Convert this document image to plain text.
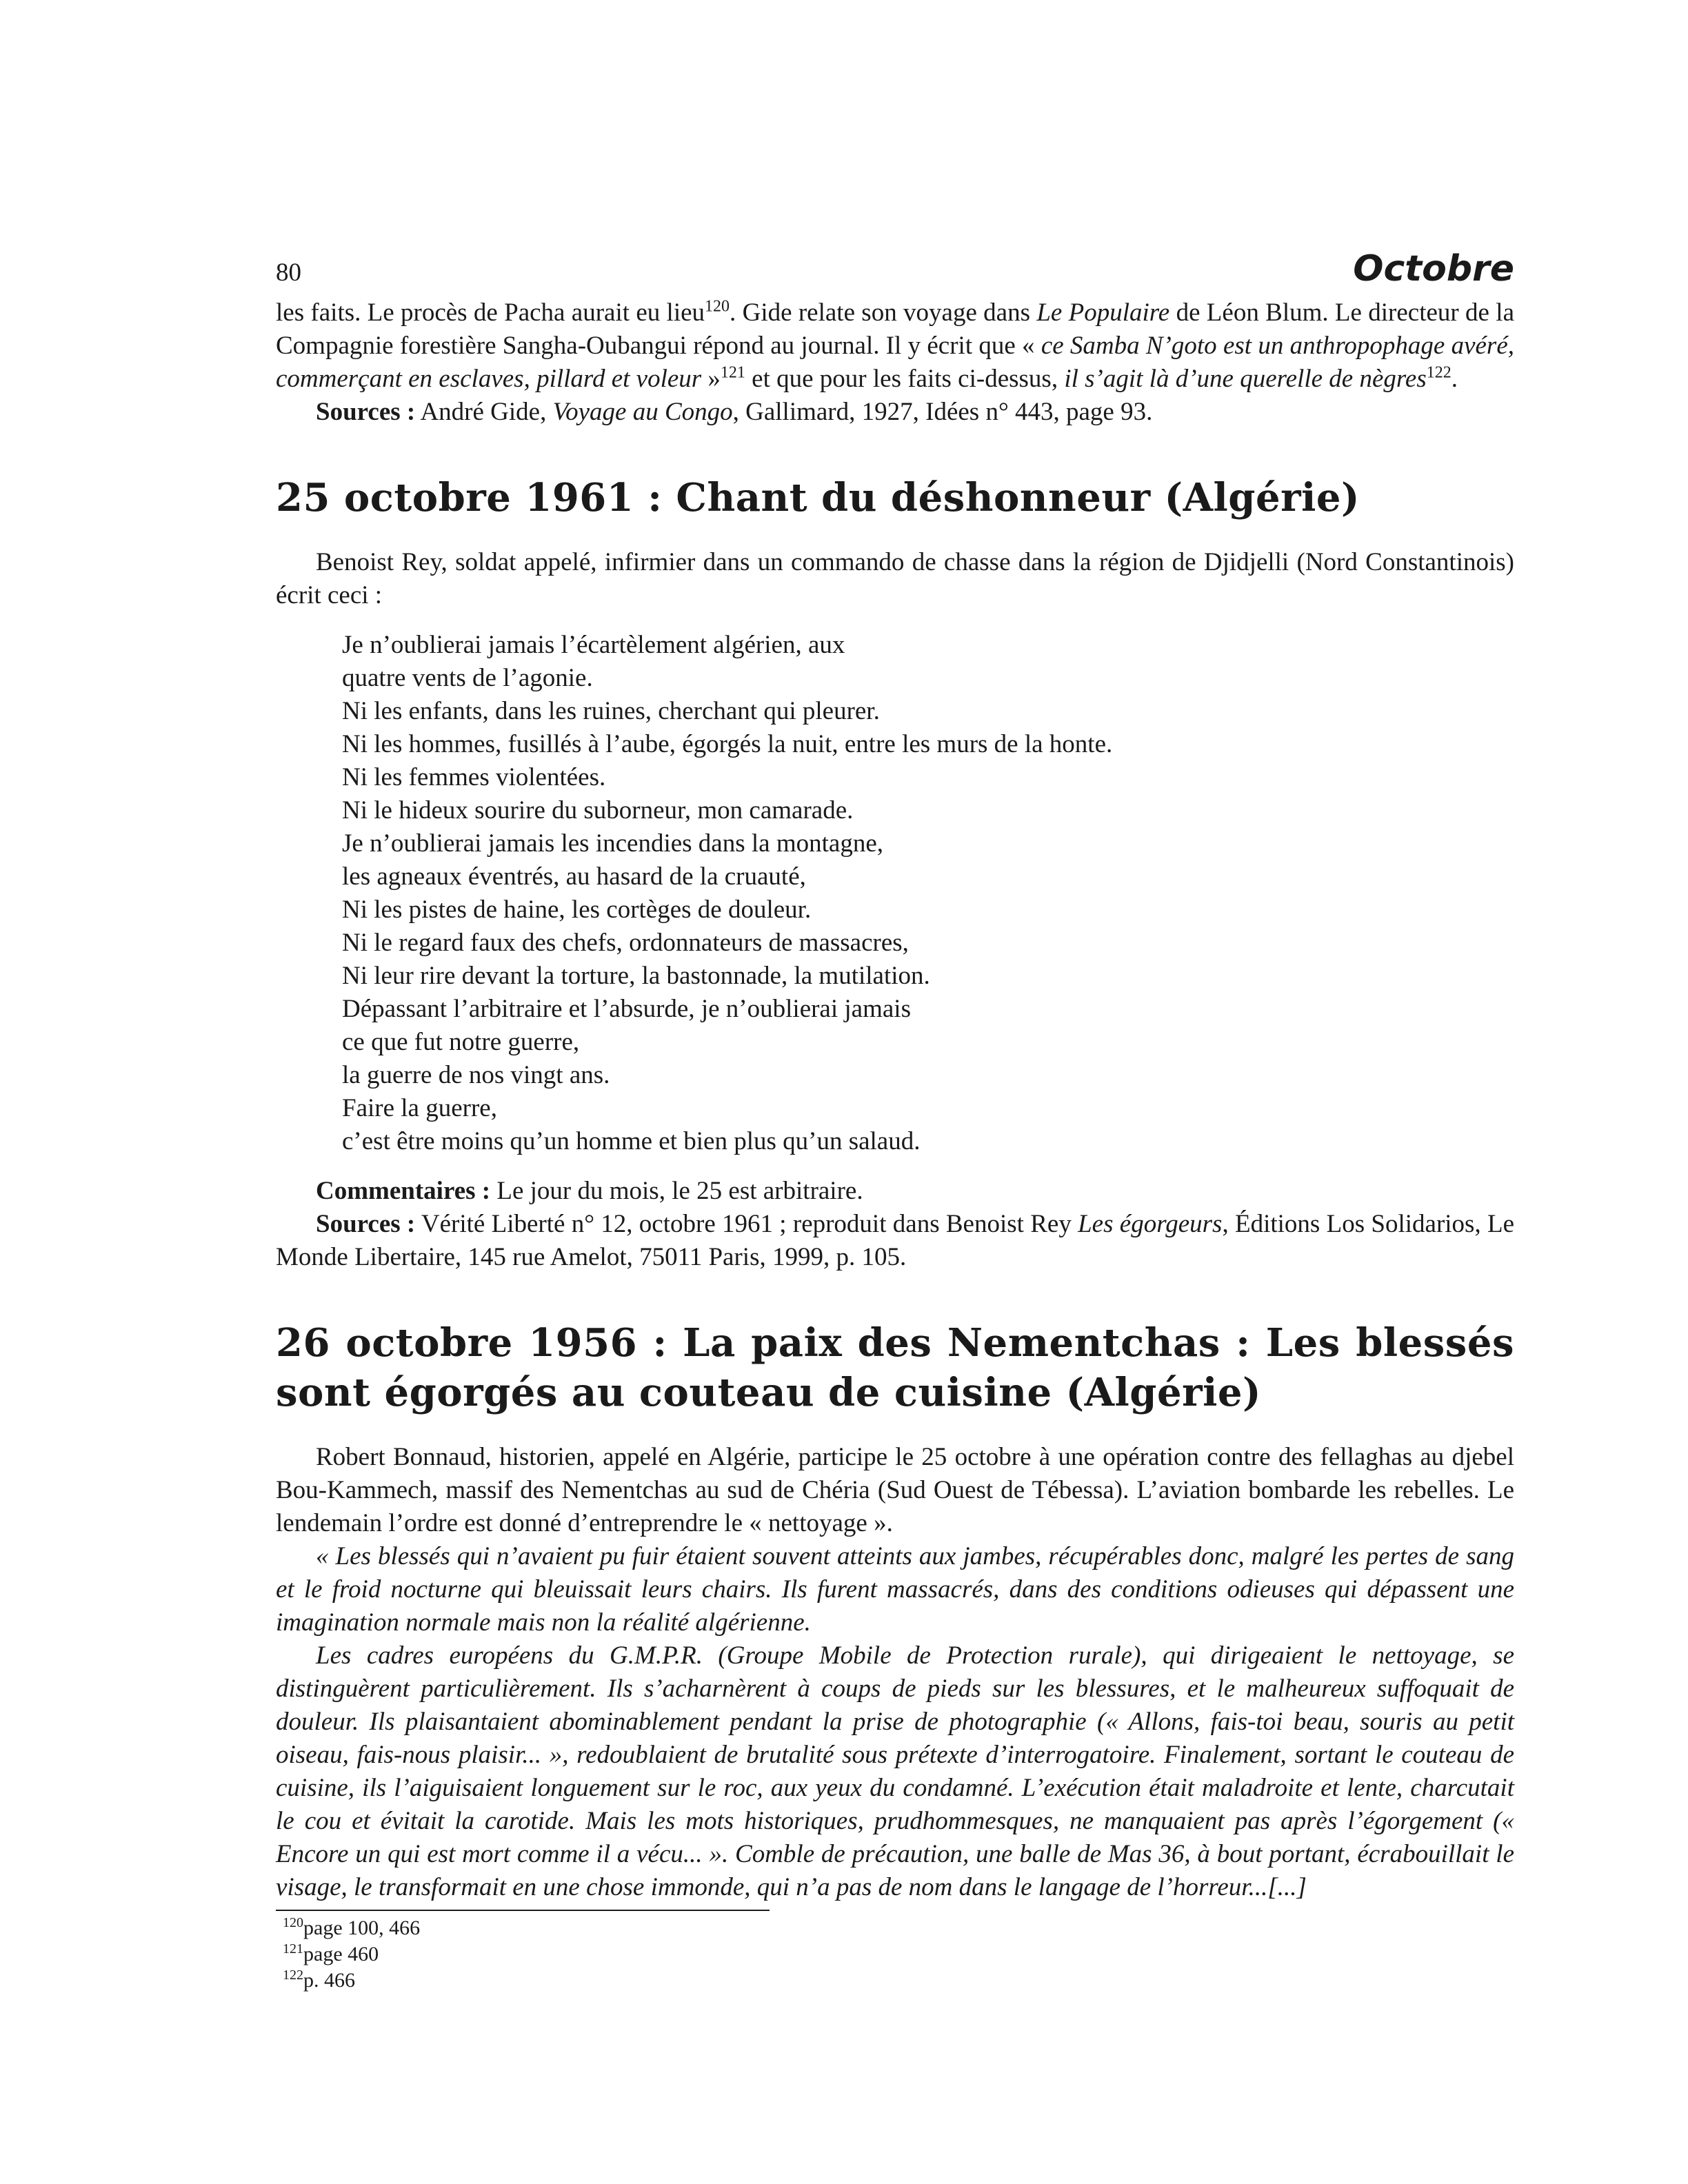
80	Octobre

les faits. Le procès de Pacha aurait eu lieu$^{120}$. Gide relate son voyage dans Le Populaire de Léon Blum. Le directeur de la Compagnie forestière Sangha-Oubangui répond au journal. Il y écrit que « ce Samba N’goto est un anthropophage avéré, commerçant en esclaves, pillard et voleur »$^{121}$ et que pour les faits ci-dessus, il s’agit là d’une querelle de nègres$^{122}$.

Sources : André Gide, Voyage au Congo, Gallimard, 1927, Idées n° 443, page 93.

25 octobre 1961 : Chant du déshonneur (Algérie)

Benoist Rey, soldat appelé, infirmier dans un commando de chasse dans la région de Djidjelli (Nord Constantinois) écrit ceci :

Je n’oublierai jamais l’écartèlement algérien, aux
quatre vents de l’agonie.
Ni les enfants, dans les ruines, cherchant qui pleurer.
Ni les hommes, fusillés à l’aube, égorgés la nuit, entre les murs de la honte.
Ni les femmes violentées.
Ni le hideux sourire du suborneur, mon camarade.
Je n’oublierai jamais les incendies dans la montagne,
les agneaux éventrés, au hasard de la cruauté,
Ni les pistes de haine, les cortèges de douleur.
Ni le regard faux des chefs, ordonnateurs de massacres,
Ni leur rire devant la torture, la bastonnade, la mutilation.
Dépassant l’arbitraire et l’absurde, je n’oublierai jamais
ce que fut notre guerre,
la guerre de nos vingt ans.
Faire la guerre,
c’est être moins qu’un homme et bien plus qu’un salaud.

Commentaires : Le jour du mois, le 25 est arbitraire.

Sources : Vérité Liberté n° 12, octobre 1961 ; reproduit dans Benoist Rey Les égorgeurs, Éditions Los Solidarios, Le Monde Libertaire, 145 rue Amelot, 75011 Paris, 1999, p. 105.

26 octobre 1956 : La paix des Nementchas : Les blessés sont égorgés au couteau de cuisine (Algérie)

Robert Bonnaud, historien, appelé en Algérie, participe le 25 octobre à une opération contre des fellaghas au djebel Bou-Kammech, massif des Nementchas au sud de Chéria (Sud Ouest de Tébessa). L’aviation bombarde les rebelles. Le lendemain l’ordre est donné d’entreprendre le « nettoyage ».

« Les blessés qui n’avaient pu fuir étaient souvent atteints aux jambes, récupérables donc, malgré les pertes de sang et le froid nocturne qui bleuissait leurs chairs. Ils furent massacrés, dans des conditions odieuses qui dépassent une imagination normale mais non la réalité algérienne.

Les cadres européens du G.M.P.R. (Groupe Mobile de Protection rurale), qui dirigeaient le nettoyage, se distinguèrent particulièrement. Ils s’acharnèrent à coups de pieds sur les blessures, et le malheureux suffoquait de douleur. Ils plaisantaient abominablement pendant la prise de photographie (« Allons, fais-toi beau, souris au petit oiseau, fais-nous plaisir... », redoublaient de brutalité sous prétexte d’interrogatoire. Finalement, sortant le couteau de cuisine, ils l’aiguisaient longuement sur le roc, aux yeux du condamné. L’exécution était maladroite et lente, charcutait le cou et évitait la carotide. Mais les mots historiques, prudhommesques, ne manquaient pas après l’égorgement (« Encore un qui est mort comme il a vécu... ». Comble de précaution, une balle de Mas 36, à bout portant, écrabouillait le visage, le transformait en une chose immonde, qui n’a pas de nom dans le langage de l’horreur...[...]

$^{120}$page 100, 466
$^{121}$page 460
$^{122}$p. 466
